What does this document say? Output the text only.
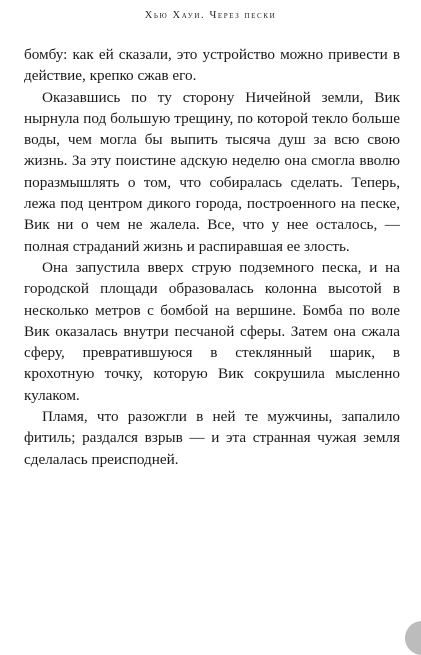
Хью Хауи. Через пески

бомбу: как ей сказали, это устройство можно привести в действие, крепко сжав его.

Оказавшись по ту сторону Ничейной земли, Вик нырнула под большую трещину, по которой текло больше воды, чем могла бы выпить тысяча душ за всю свою жизнь. За эту поистине адскую неделю она смогла вволю поразмышлять о том, что собиралась сделать. Теперь, лежа под центром дикого города, построенного на песке, Вик ни о чем не жалела. Все, что у нее осталось, — полная страданий жизнь и распиравшая ее злость.

Она запустила вверх струю подземного песка, и на городской площади образовалась колонна высотой в несколько метров с бомбой на вершине. Бомба по воле Вик оказалась внутри песчаной сферы. Затем она сжала сферу, превратившуюся в стеклянный шарик, в крохотную точку, которую Вик сокрушила мысленно кулаком.

Пламя, что разожгли в ней те мужчины, запалило фитиль; раздался взрыв — и эта странная чужая земля сделалась преисподней.
